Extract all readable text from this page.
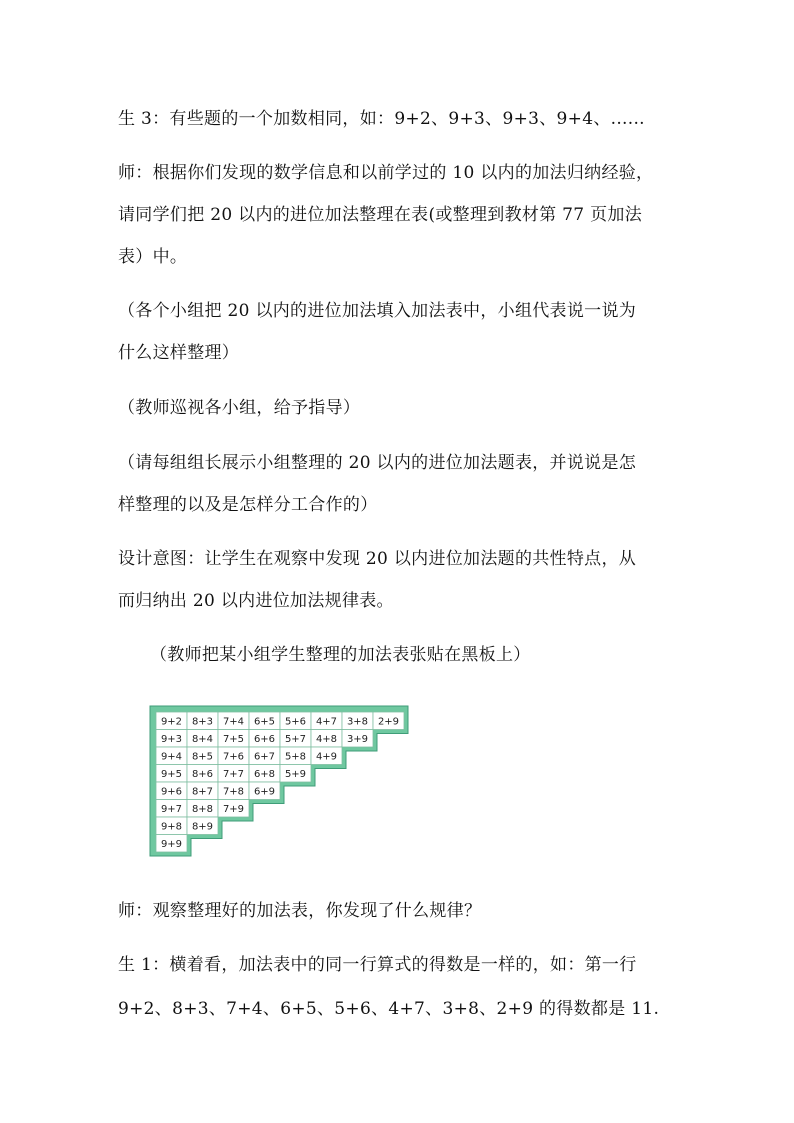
生 3：有些题的一个加数相同，如：9+2、9+3、9+3、9+4、......
师：根据你们发现的数学信息和以前学过的 10 以内的加法归纳经验，
请同学们把 20 以内的进位加法整理在表(或整理到教材第 77 页加法
表）中。
（各个小组把 20 以内的进位加法填入加法表中，小组代表说一说为
什么这样整理）
（教师巡视各小组，给予指导）
（请每组组长展示小组整理的 20 以内的进位加法题表，并说说是怎
样整理的以及是怎样分工合作的）
设计意图：让学生在观察中发现 20 以内进位加法题的共性特点，从
而归纳出 20 以内进位加法规律表。
（教师把某小组学生整理的加法表张贴在黑板上）
9+2
9+3
9+4
9+5
9+6
9+7
9+8
9+9
8+3
8+4
8+5
8+6
8+7
8+8
8+9
7+4
7+5
7+6
7+7
7+8
7+9
6+5
6+6
6+7
6+8
6+9
5+6
5+7
5+8
5+9
4+7
4+8
4+9
3+8
3+9
2+9
师：观察整理好的加法表，你发现了什么规律？
生 1：横着看，加法表中的同一行算式的得数是一样的，如：第一行
9+2、8+3、7+4、6+5、5+6、4+7、3+8、2+9 的得数都是 11.
